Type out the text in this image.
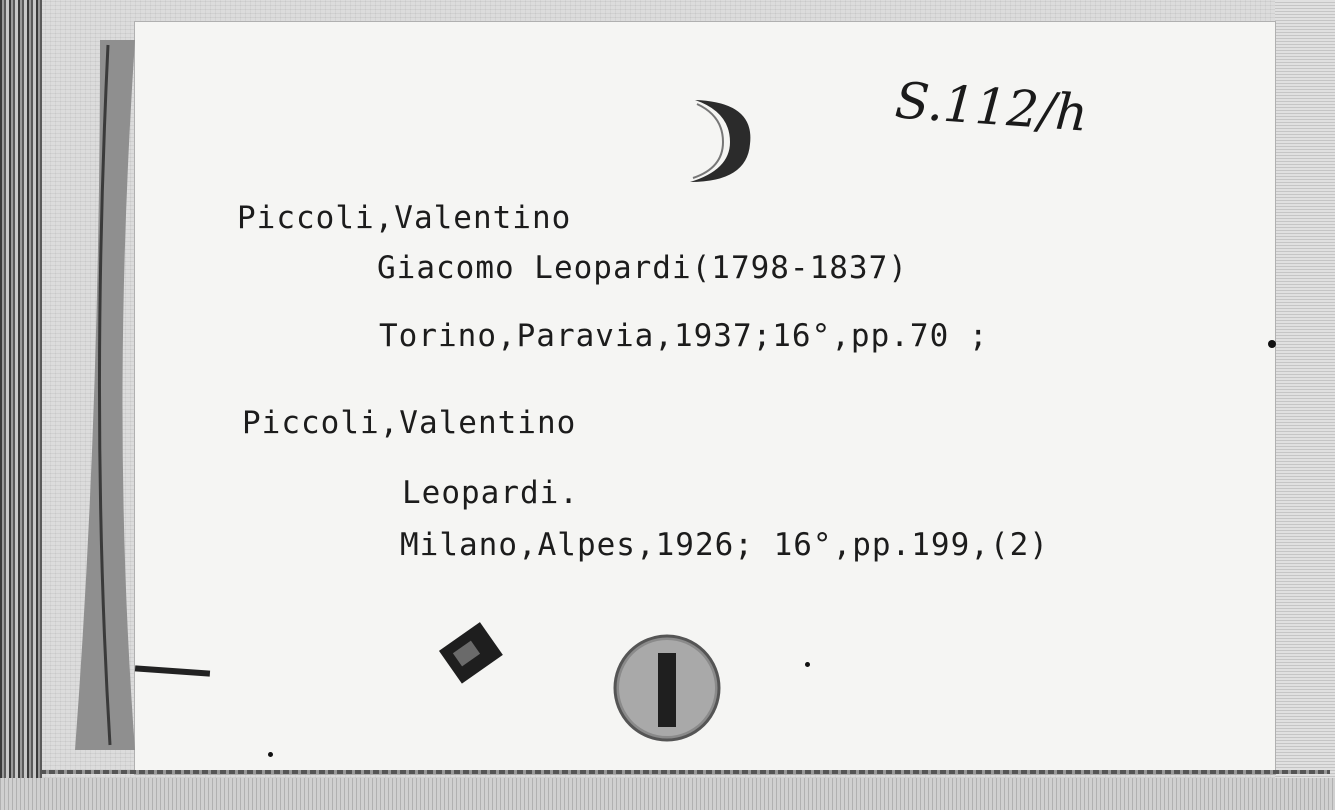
S.112/h
Piccoli,Valentino
Giacomo Leopardi(1798-1837)
Torino,Paravia,1937;16°,pp.70 ;
Piccoli,Valentino
Leopardi.
Milano,Alpes,1926; 16°,pp.199,(2)
